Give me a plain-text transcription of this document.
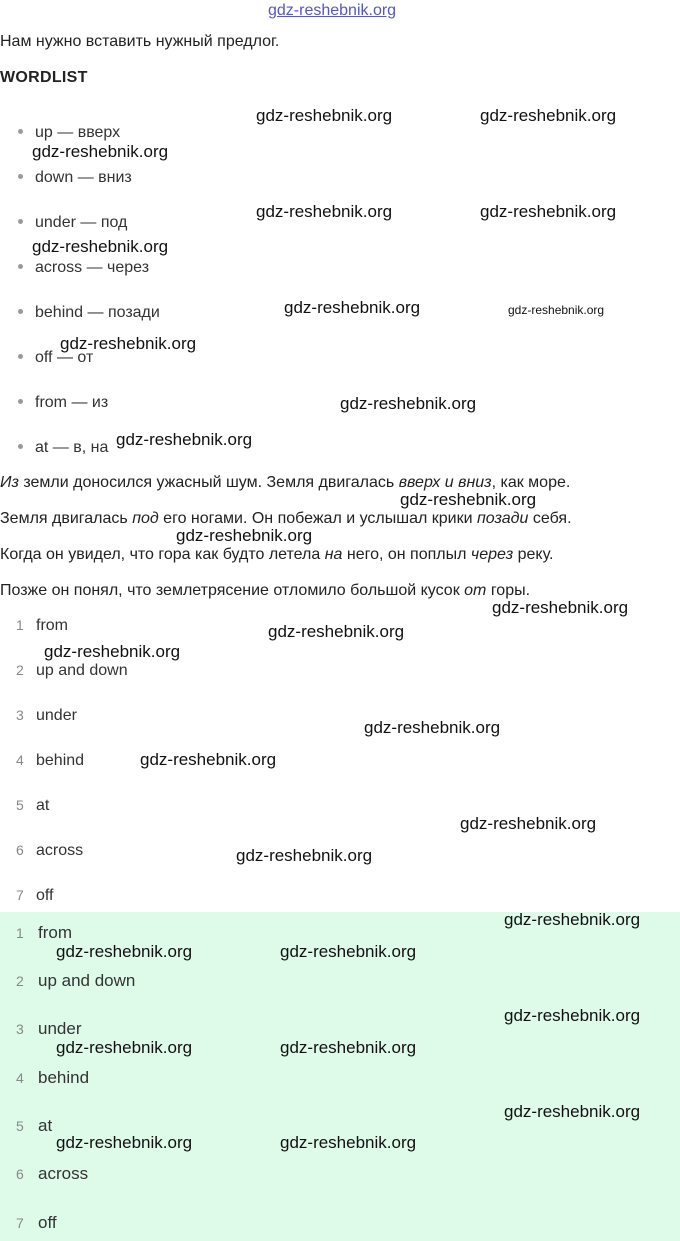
gdz-reshebnik.org
Нам нужно вставить нужный предлог.
WORDLIST
up — вверх
down — вниз
under — под
across — через
behind — позади
off — от
from — из
at — в, на
Из земли доносился ужасный шум. Земля двигалась вверх и вниз, как море.
Земля двигалась под его ногами. Он побежал и услышал крики позади себя.
Когда он увидел, что гора как будто летела на него, он поплыл через реку.
Позже он понял, что землетрясение отломило большой кусок от горы.
1 from
2 up and down
3 under
4 behind
5 at
6 across
7 off
1 from
2 up and down
3 under
4 behind
5 at
6 across
7 off
gdz-reshebnik.org	gdz-reshebnik.org
gdz-reshebnik.org
gdz-reshebnik.org	gdz-reshebnik.org
gdz-reshebnik.org
gdz-reshebnik.org	gdz-reshebnik.org
gdz-reshebnik.org
gdz-reshebnik.org
gdz-reshebnik.org
gdz-reshebnik.org
gdz-reshebnik.org
gdz-reshebnik.org
gdz-reshebnik.org
gdz-reshebnik.org
gdz-reshebnik.org
gdz-reshebnik.org
gdz-reshebnik.org
gdz-reshebnik.org
gdz-reshebnik.org
gdz-reshebnik.org	gdz-reshebnik.org
gdz-reshebnik.org
gdz-reshebnik.org	gdz-reshebnik.org
gdz-reshebnik.org
gdz-reshebnik.org	gdz-reshebnik.org
